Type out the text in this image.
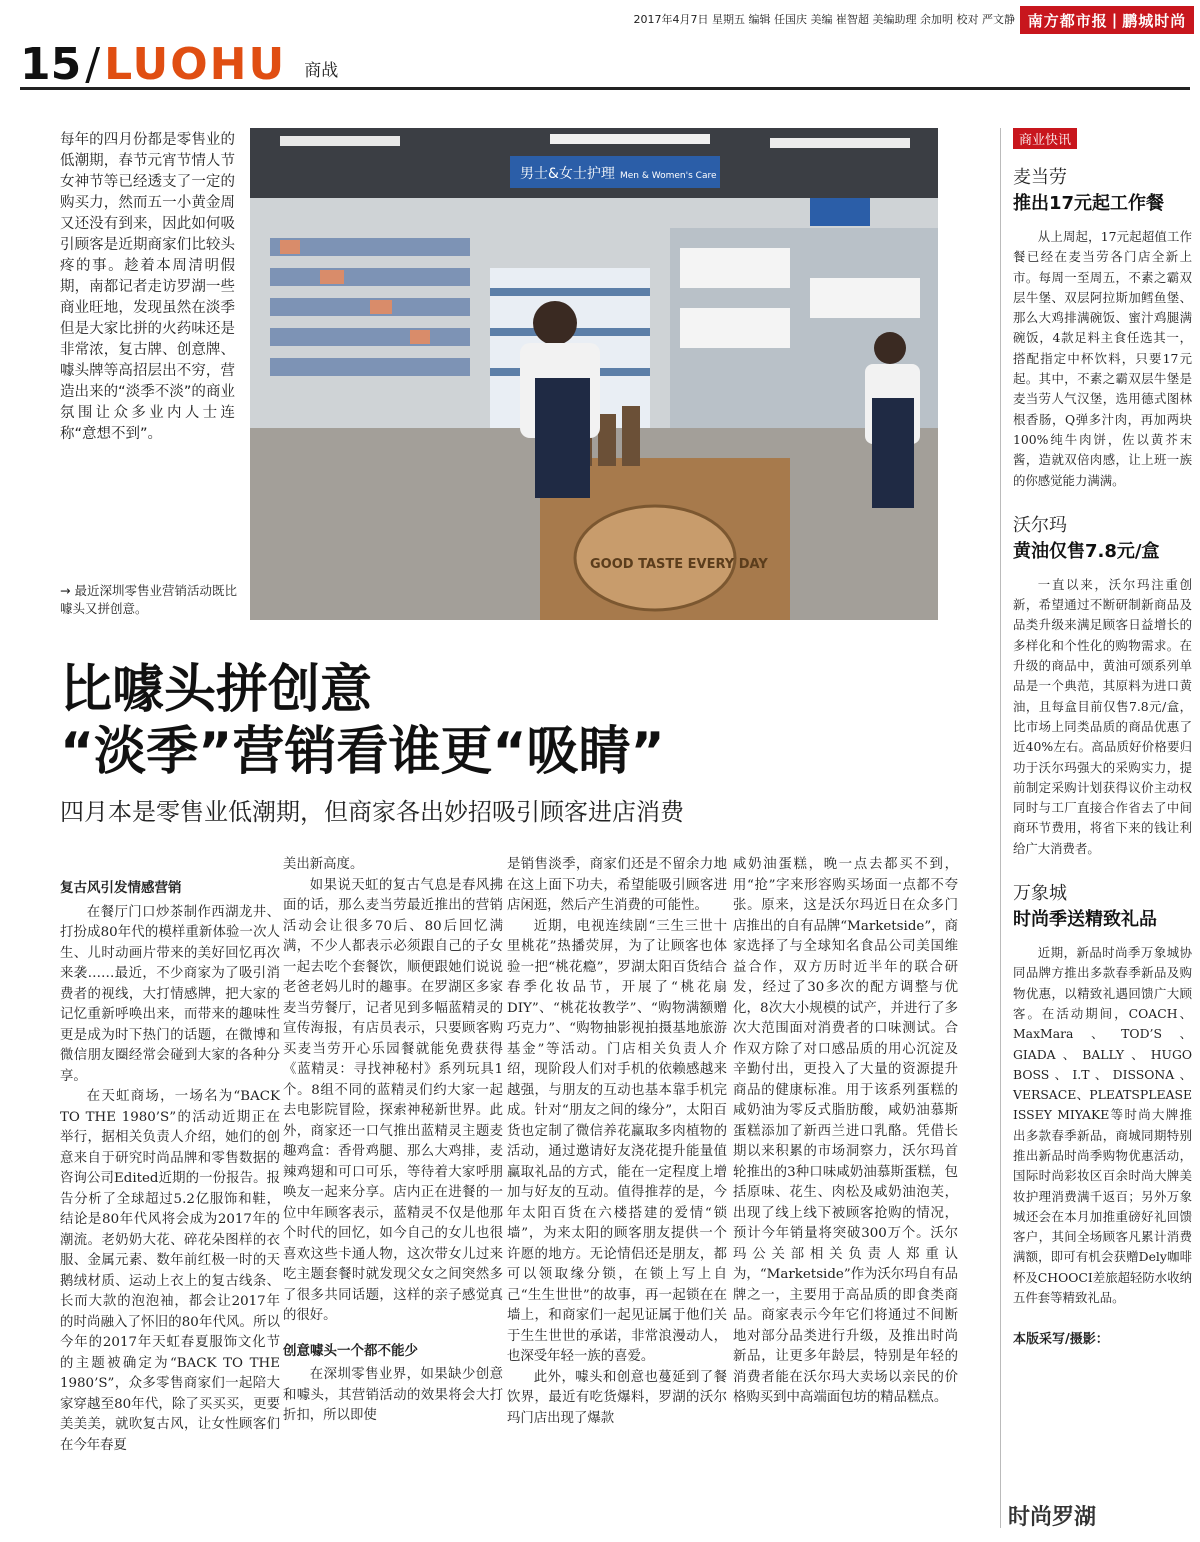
2017年4月7日 星期五 编辑 任国庆 美编 崔智超 美编助理 余加明 校对 严文静 南方都市报 | 鹏城时尚
15 / LUOHU 商战
每年的四月份都是零售业的低潮期，春节元宵节情人节女神节等已经透支了一定的购买力，然而五一小黄金周又还没有到来，因此如何吸引顾客是近期商家们比较头疼的事。趁着本周清明假期，南都记者走访罗湖一些商业旺地，发现虽然在淡季但是大家比拼的火药味还是非常浓，复古牌、创意牌、噱头牌等高招层出不穷，营造出来的“淡季不淡”的商业氛围让众多业内人士连称“意想不到”。
→ 最近深圳零售业营销活动既比噱头又拼创意。
男士&女士护理 Men & Women's Care
GOOD TASTE EVERY DAY
比噱头拼创意
“淡季”营销看谁更“吸睛”
四月本是零售业低潮期，但商家各出妙招吸引顾客进店消费
复古风引发情感营销

在餐厅门口炒茶制作西湖龙井、打扮成80年代的模样重新体验一次人生、儿时动画片带来的美好回忆再次来袭……最近，不少商家为了吸引消费者的视线，大打情感牌，把大家的记忆重新呼唤出来，而带来的趣味性更是成为时下热门的话题，在微博和微信朋友圈经常会碰到大家的各种分享。

在天虹商场，一场名为“BACK TO THE 1980’S”的活动近期正在举行，据相关负责人介绍，她们的创意来自于研究时尚品牌和零售数据的咨询公司Edited近期的一份报告。报告分析了全球超过5.2亿服饰和鞋，结论是80年代风将会成为2017年的潮流。老奶奶大花、碎花朵图样的衣服、金属元素、数年前红极一时的天鹅绒材质、运动上衣上的复古线条、长而大款的泡泡袖，都会让2017年的时尚融入了怀旧的80年代风。所以今年的2017年天虹春夏服饰文化节的主题被确定为“BACK TO THE 1980’S”，众多零售商家们一起陪大家穿越至80年代，除了买买买，更要美美美，就吹复古风，让女性顾客们在今年春夏

美出新高度。

如果说天虹的复古气息是春风拂面的话，那么麦当劳最近推出的营销活动会让很多70后、80后回忆满满，不少人都表示必须跟自己的子女一起去吃个套餐饮，顺便跟她们说说老爸老妈儿时的趣事。在罗湖区多家麦当劳餐厅，记者见到多幅蓝精灵的宣传海报，有店员表示，只要顾客购买麦当劳开心乐园餐就能免费获得《蓝精灵：寻找神秘村》系列玩具1个。8组不同的蓝精灵们约大家一起去电影院冒险，探索神秘新世界。此外，商家还一口气推出蓝精灵主题麦趣鸡盒：香骨鸡腿、那么大鸡排，麦辣鸡翅和可口可乐，等待着大家呼朋唤友一起来分享。店内正在进餐的一位中年顾客表示，蓝精灵不仅是他那个时代的回忆，如今自己的女儿也很喜欢这些卡通人物，这次带女儿过来吃主题套餐时就发现父女之间突然多了很多共同话题，这样的亲子感觉真的很好。

创意噱头一个都不能少

在深圳零售业界，如果缺少创意和噱头，其营销活动的效果将会大打折扣，所以即使

是销售淡季，商家们还是不留余力地在这上面下功夫，希望能吸引顾客进店闲逛，然后产生消费的可能性。

近期，电视连续剧“三生三世十里桃花”热播荧屏，为了让顾客也体验一把“桃花瘾”，罗湖太阳百货结合春季化妆品节，开展了“桃花扇DIY”、“桃花妆教学”、“购物满额赠巧克力”、“购物抽影视拍摄基地旅游基金”等活动。门店相关负责人介绍，现阶段人们对手机的依赖感越来越强，与朋友的互动也基本靠手机完成。针对“朋友之间的缘分”，太阳百货也定制了微信养花赢取多肉植物的活动，通过邀请好友浇花提升能量值赢取礼品的方式，能在一定程度上增加与好友的互动。值得推荐的是，今年太阳百货在六楼搭建的爱情“锁墙”，为来太阳的顾客朋友提供一个许愿的地方。无论情侣还是朋友，都可以领取缘分锁，在锁上写上自己“生生世世”的故事，再一起锁在在墙上，和商家们一起见证属于他们关于生生世世的承诺，非常浪漫动人，也深受年轻一族的喜爱。

此外，噱头和创意也蔓延到了餐饮界，最近有吃货爆料，罗湖的沃尔玛门店出现了爆款

咸奶油蛋糕，晚一点去都买不到，用“抢”字来形容购买场面一点都不夸张。原来，这是沃尔玛近日在众多门店推出的自有品牌“Marketside”，商家选择了与全球知名食品公司美国维益合作，双方历时近半年的联合研发，经过了30多次的配方调整与优化，8次大小规模的试产，并进行了多次大范围面对消费者的口味测试。合作双方除了对口感品质的用心沉淀及辛勤付出，更投入了大量的资源提升商品的健康标准。用于该系列蛋糕的咸奶油为零反式脂肪酸，咸奶油慕斯蛋糕添加了新西兰进口乳酪。凭借长期以来积累的市场洞察力，沃尔玛首轮推出的3种口味咸奶油慕斯蛋糕，包括原味、花生、肉松及咸奶油泡芙，出现了线上线下被顾客抢购的情况，预计今年销量将突破300万个。沃尔玛公关部相关负责人郑重认为，“Marketside”作为沃尔玛自有品牌之一，主要用于高品质的即食类商品。商家表示今年它们将通过不间断地对部分品类进行升级，及推出时尚新品，让更多年龄层，特别是年轻的消费者能在沃尔玛大卖场以亲民的价格购买到中高端面包坊的精品糕点。

商业快讯
麦当劳
推出17元起工作餐
从上周起，17元起超值工作餐已经在麦当劳各门店全新上市。每周一至周五，不素之霸双层牛堡、双层阿拉斯加鳕鱼堡、那么大鸡排满碗饭、蜜汁鸡腿满碗饭，4款足料主食任选其一，搭配指定中杯饮料，只要17元起。其中，不素之霸双层牛堡是麦当劳人气汉堡，选用德式图林根香肠，Q弹多汁肉，再加两块100%纯牛肉饼，佐以黄芥末酱，造就双倍肉感，让上班一族的你感觉能力满满。
沃尔玛
黄油仅售7.8元/盒
一直以来，沃尔玛注重创新，希望通过不断研制新商品及品类升级来满足顾客日益增长的多样化和个性化的购物需求。在升级的商品中，黄油可颂系列单品是一个典范，其原料为进口黄油，且每盒目前仅售7.8元/盒，比市场上同类品质的商品优惠了近40%左右。高品质好价格要归功于沃尔玛强大的采购实力，提前制定采购计划获得议价主动权同时与工厂直接合作省去了中间商环节费用，将省下来的钱让利给广大消费者。
万象城
时尚季送精致礼品
近期，新品时尚季万象城协同品牌方推出多款春季新品及购物优惠，以精致礼遇回馈广大顾客。在活动期间，COACH、MaxMara、TOD’S、GIADA、BALLY、HUGO BOSS、I.T、DISSONA、VERSACE、PLEATSPLEASE ISSEY MIYAKE等时尚大牌推出多款春季新品，商城同期特别推出新品时尚季购物优惠活动，国际时尚彩妆区百余时尚大牌美妆护理消费满千返百；另外万象城还会在本月加推重磅好礼回馈客户，其间全场顾客凡累计消费满额，即可有机会获赠Dely咖啡杯及CHOOCI差旅超轻防水收纳五件套等精致礼品。
本版采写/摄影：
时尚罗湖
